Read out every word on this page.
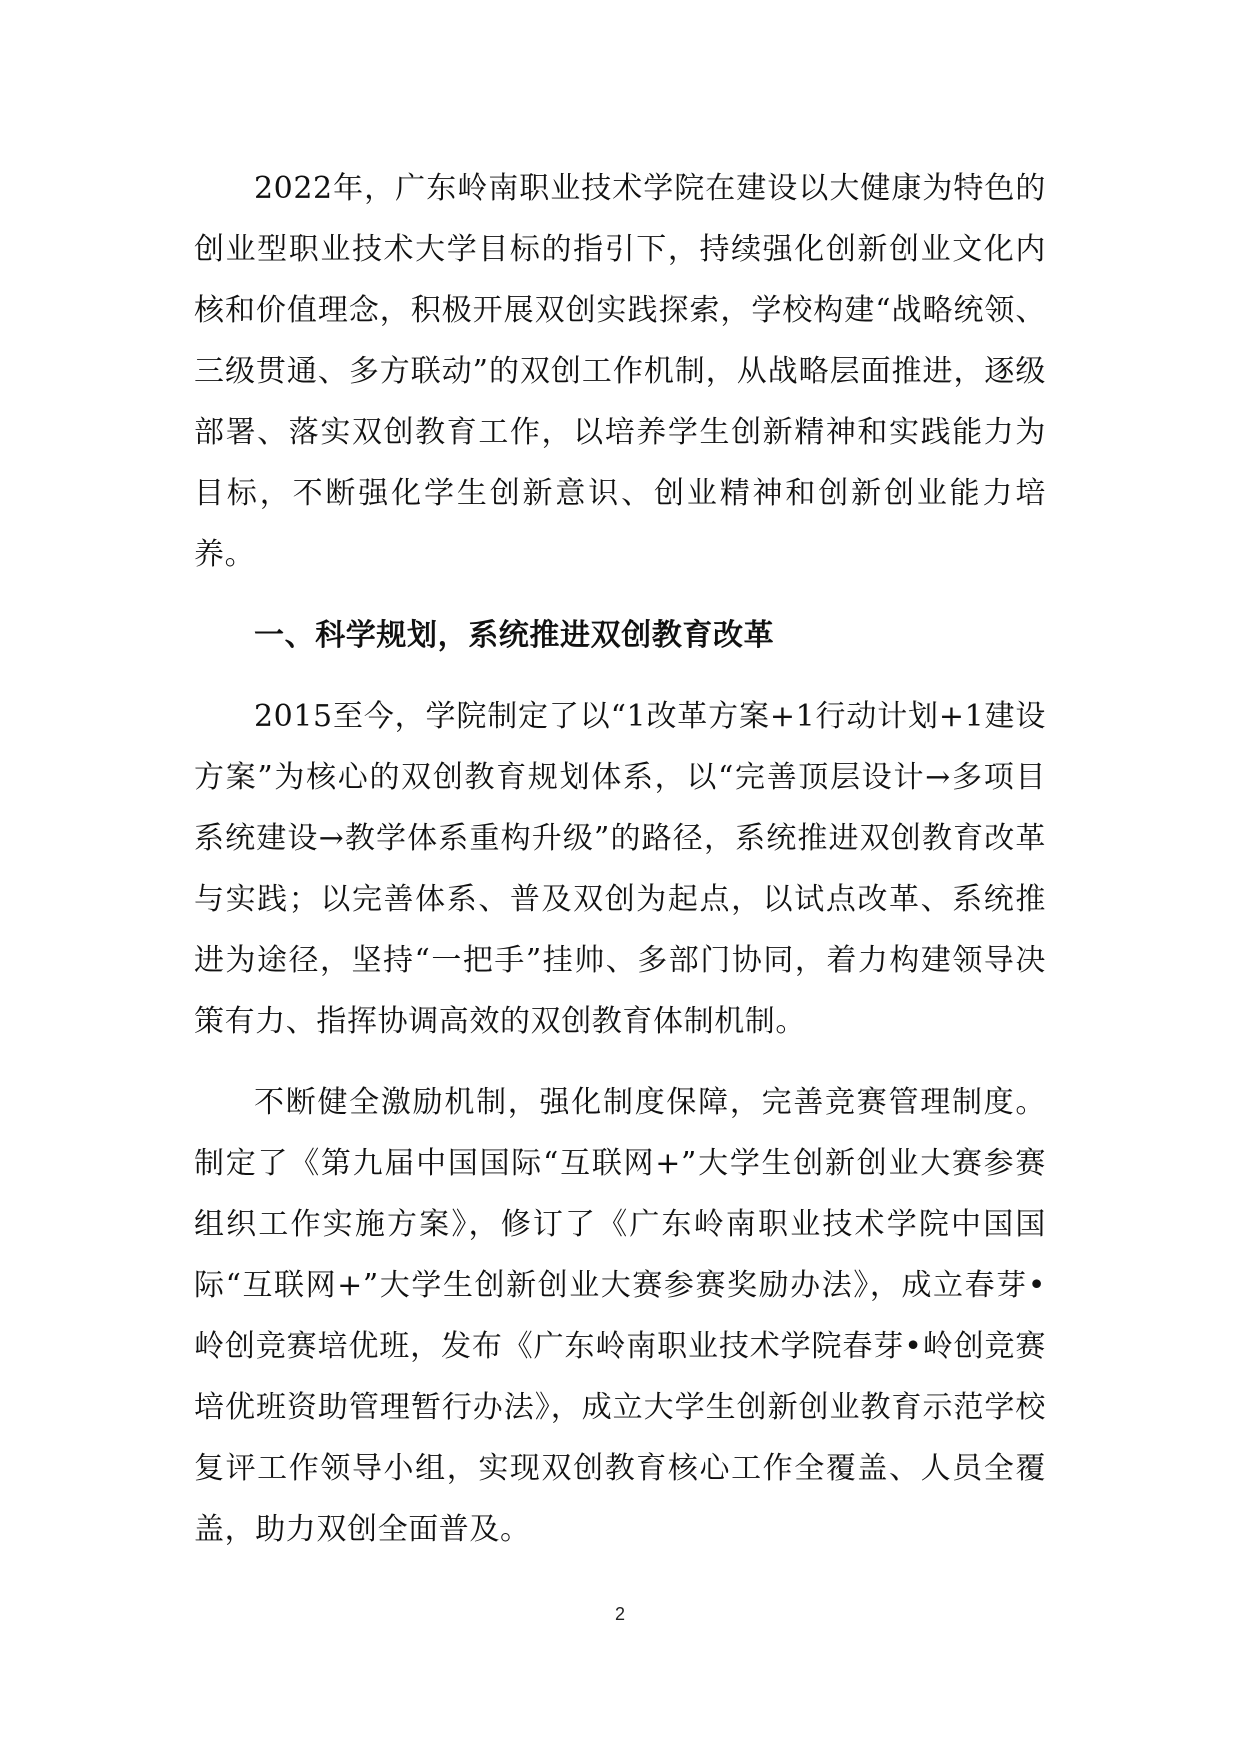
2022年，广东岭南职业技术学院在建设以大健康为特色的创业型职业技术大学目标的指引下，持续强化创新创业文化内核和价值理念，积极开展双创实践探索，学校构建“战略统领、三级贯通、多方联动”的双创工作机制，从战略层面推进，逐级部署、落实双创教育工作，以培养学生创新精神和实践能力为目标，不断强化学生创新意识、创业精神和创新创业能力培养。

一、科学规划，系统推进双创教育改革

2015至今，学院制定了以“1改革方案+1行动计划+1建设方案”为核心的双创教育规划体系，以“完善顶层设计→多项目系统建设→教学体系重构升级”的路径，系统推进双创教育改革与实践；以完善体系、普及双创为起点，以试点改革、系统推进为途径，坚持“一把手”挂帅、多部门协同，着力构建领导决策有力、指挥协调高效的双创教育体制机制。

不断健全激励机制，强化制度保障，完善竞赛管理制度。制定了《第九届中国国际“互联网+”大学生创新创业大赛参赛组织工作实施方案》，修订了《广东岭南职业技术学院中国国际“互联网+”大学生创新创业大赛参赛奖励办法》，成立春芽•岭创竞赛培优班，发布《广东岭南职业技术学院春芽•岭创竞赛培优班资助管理暂行办法》，成立大学生创新创业教育示范学校复评工作领导小组，实现双创教育核心工作全覆盖、人员全覆盖，助力双创全面普及。

2
